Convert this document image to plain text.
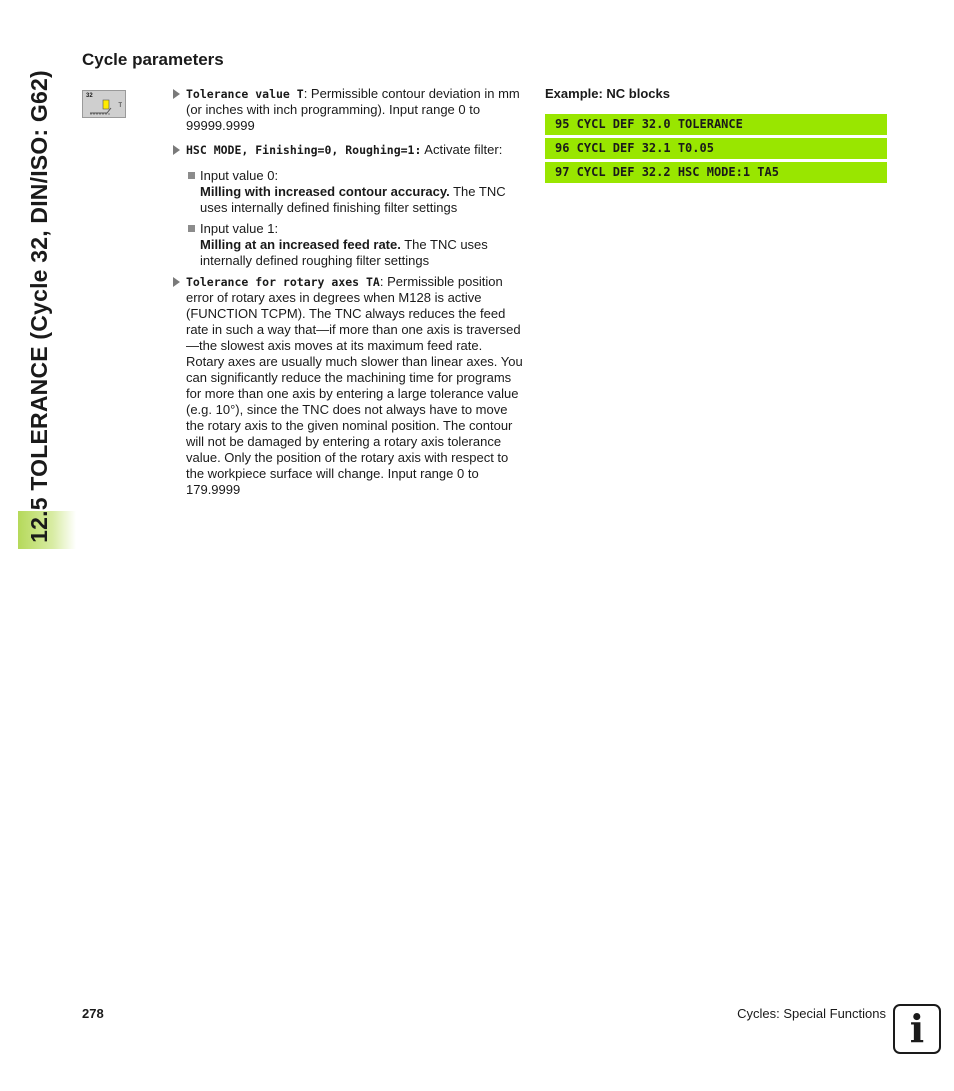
12.5 TOLERANCE (Cycle 32, DIN/ISO: G62)
Cycle parameters
32
T
Tolerance value T: Permissible contour deviation in mm (or inches with inch programming). Input range 0 to 99999.9999
HSC MODE, Finishing=0, Roughing=1: Activate filter:
Input value 0:
Milling with increased contour accuracy. The TNC uses internally defined finishing filter settings
Input value 1:
Milling at an increased feed rate. The TNC uses internally defined roughing filter settings
Tolerance for rotary axes TA: Permissible position error of rotary axes in degrees when M128 is active (FUNCTION TCPM). The TNC always reduces the feed rate in such a way that—if more than one axis is traversed—the slowest axis moves at its maximum feed rate. Rotary axes are usually much slower than linear axes. You can significantly reduce the machining time for programs for more than one axis by entering a large tolerance value (e.g. 10°), since the TNC does not always have to move the rotary axis to the given nominal position. The contour will not be damaged by entering a rotary axis tolerance value. Only the position of the rotary axis with respect to the workpiece surface will change. Input range 0 to 179.9999
Example: NC blocks
95 CYCL DEF 32.0 TOLERANCE
96 CYCL DEF 32.1 T0.05
97 CYCL DEF 32.2 HSC MODE:1 TA5
278	Cycles: Special Functions i
